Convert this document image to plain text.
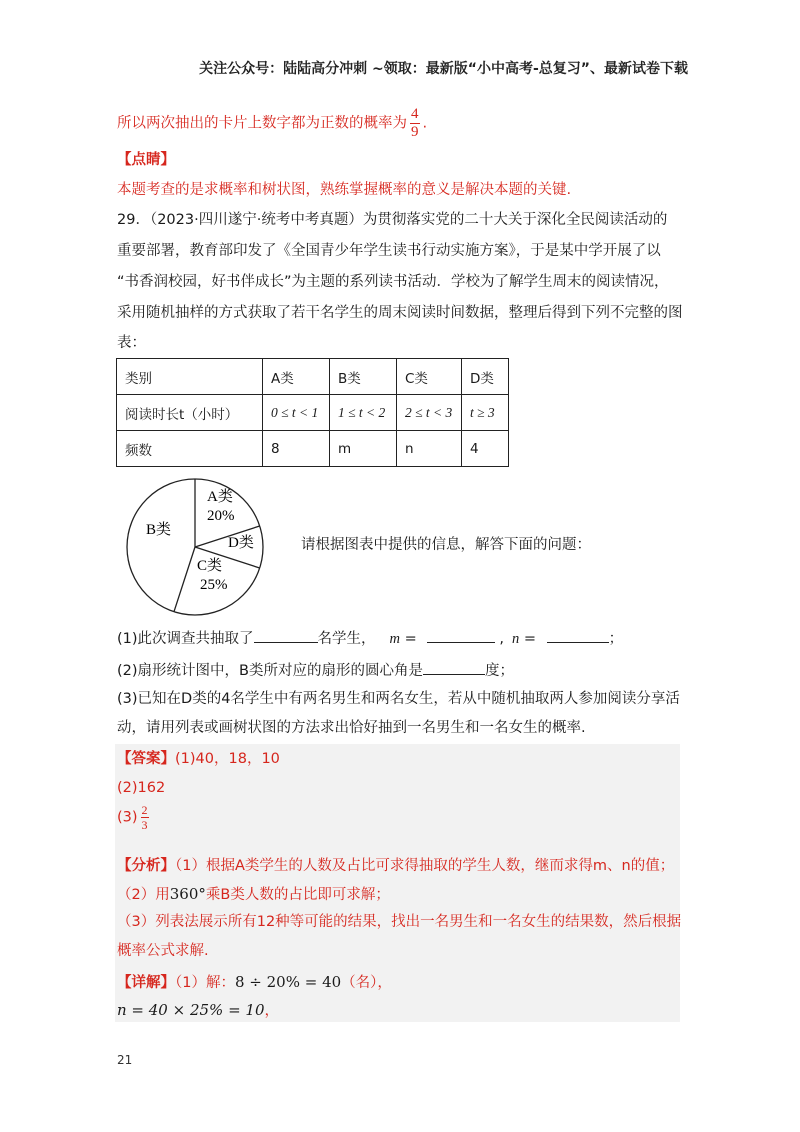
关注公众号：陆陆高分冲刺 ~领取：最新版“小中高考-总复习”、最新试卷下载
所以两次抽出的卡片上数字都为正数的概率为 $\frac{4}{9}$ .
【点睛】
本题考查的是求概率和树状图，熟练掌握概率的意义是解决本题的关键.
29．（2023·四川遂宁·统考中考真题）为贯彻落实党的二十大关于深化全民阅读活动的
重要部署，教育部印发了《全国青少年学生读书行动实施方案》，于是某中学开展了以
“书香润校园，好书伴成长”为主题的系列读书活动．学校为了解学生周末的阅读情况，
采用随机抽样的方式获取了若干名学生的周末阅读时间数据，整理后得到下列不完整的图
表：
类别	A类	B类	C类	D类
阅读时长t（小时）	0 ≤ t < 1	1 ≤ t < 2	2 ≤ t < 3	t ≥ 3
频数	8	m	n	4
A类
20%
D类
C类
25%
B类
请根据图表中提供的信息，解答下面的问题：
(1)此次调查共抽取了	名学生， m =	, n =	；
(2)扇形统计图中，B类所对应的扇形的圆心角是	度；
(3)已知在D类的4名学生中有两名男生和两名女生，若从中随机抽取两人参加阅读分享活
动，请用列表或画树状图的方法求出恰好抽到一名男生和一名女生的概率.
【答案】(1)40，18，10
(2)162
$(3) \frac{2}{3}$
【分析】（1）根据A类学生的人数及占比可求得抽取的学生人数，继而求得m、n的值；
（2）用360°乘B类人数的占比即可求解；
（3）列表法展示所有12种等可能的结果，找出一名男生和一名女生的结果数，然后根据
概率公式求解.
【详解】（1）解：8 ÷ 20% = 40（名），
n = 40 × 25% = 10，
21
